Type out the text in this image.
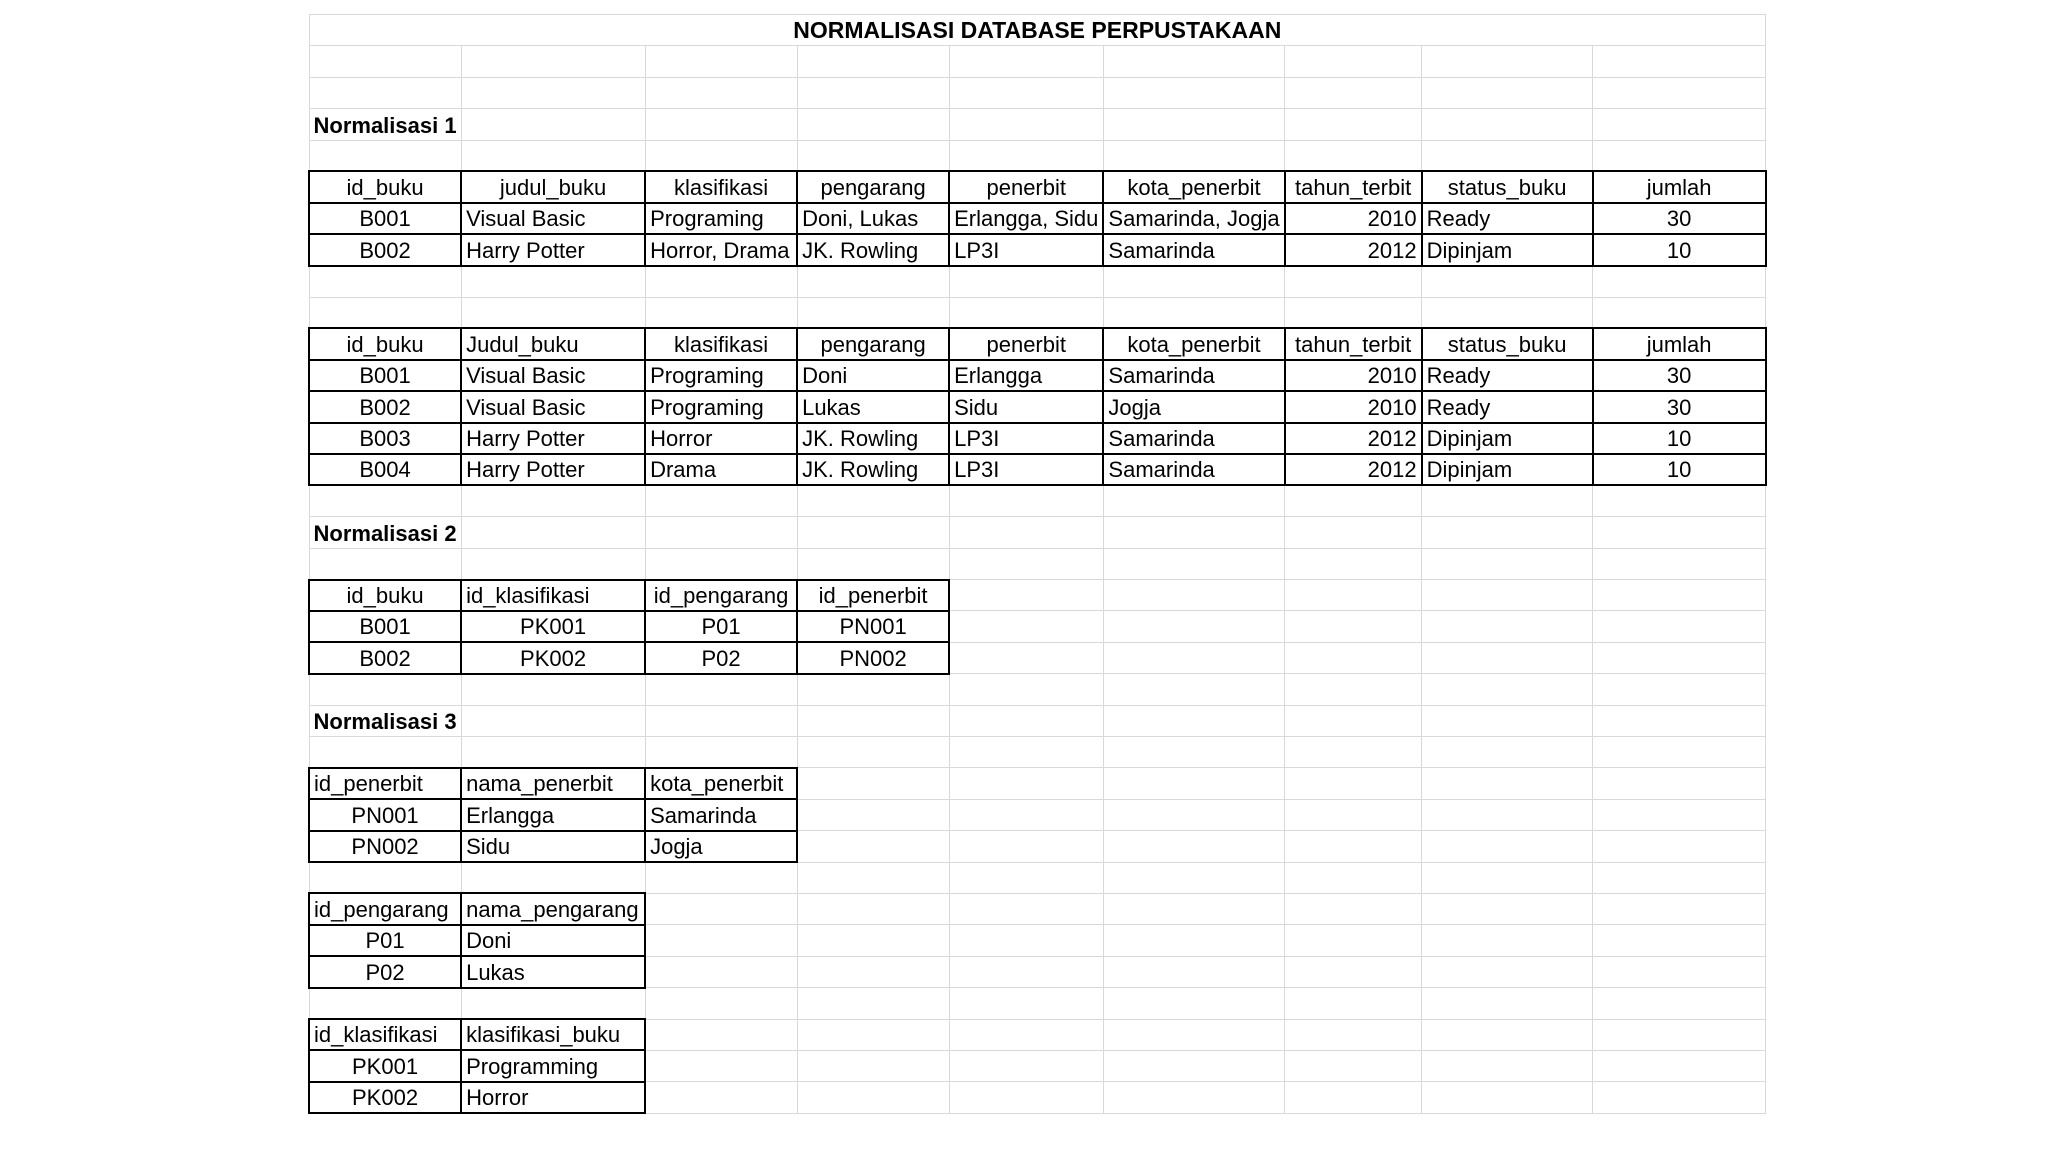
NORMALISASI DATABASE PERPUSTAKAAN								

Normalisasi 1								

id_buku	judul_buku	klasifikasi	pengarang	penerbit	kota_penerbit	tahun_terbit	status_buku	jumlah
B001	Visual Basic	Programing	Doni, Lukas	Erlangga, Sidu	Samarinda, Jogja	2010	Ready	30
B002	Harry Potter	Horror, Drama	JK. Rowling	LP3I	Samarinda	2012	Dipinjam	10

id_buku	Judul_buku	klasifikasi	pengarang	penerbit	kota_penerbit	tahun_terbit	status_buku	jumlah
B001	Visual Basic	Programing	Doni	Erlangga	Samarinda	2010	Ready	30
B002	Visual Basic	Programing	Lukas	Sidu	Jogja	2010	Ready	30
B003	Harry Potter	Horror	JK. Rowling	LP3I	Samarinda	2012	Dipinjam	10
B004	Harry Potter	Drama	JK. Rowling	LP3I	Samarinda	2012	Dipinjam	10

Normalisasi 2								

id_buku	id_klasifikasi	id_pengarang	id_penerbit					
B001	PK001	P01	PN001					
B002	PK002	P02	PN002					

Normalisasi 3								

id_penerbit	nama_penerbit	kota_penerbit						
PN001	Erlangga	Samarinda						
PN002	Sidu	Jogja						

id_pengarang	nama_pengarang							
P01	Doni							
P02	Lukas							

id_klasifikasi	klasifikasi_buku							
PK001	Programming							
PK002	Horror							
